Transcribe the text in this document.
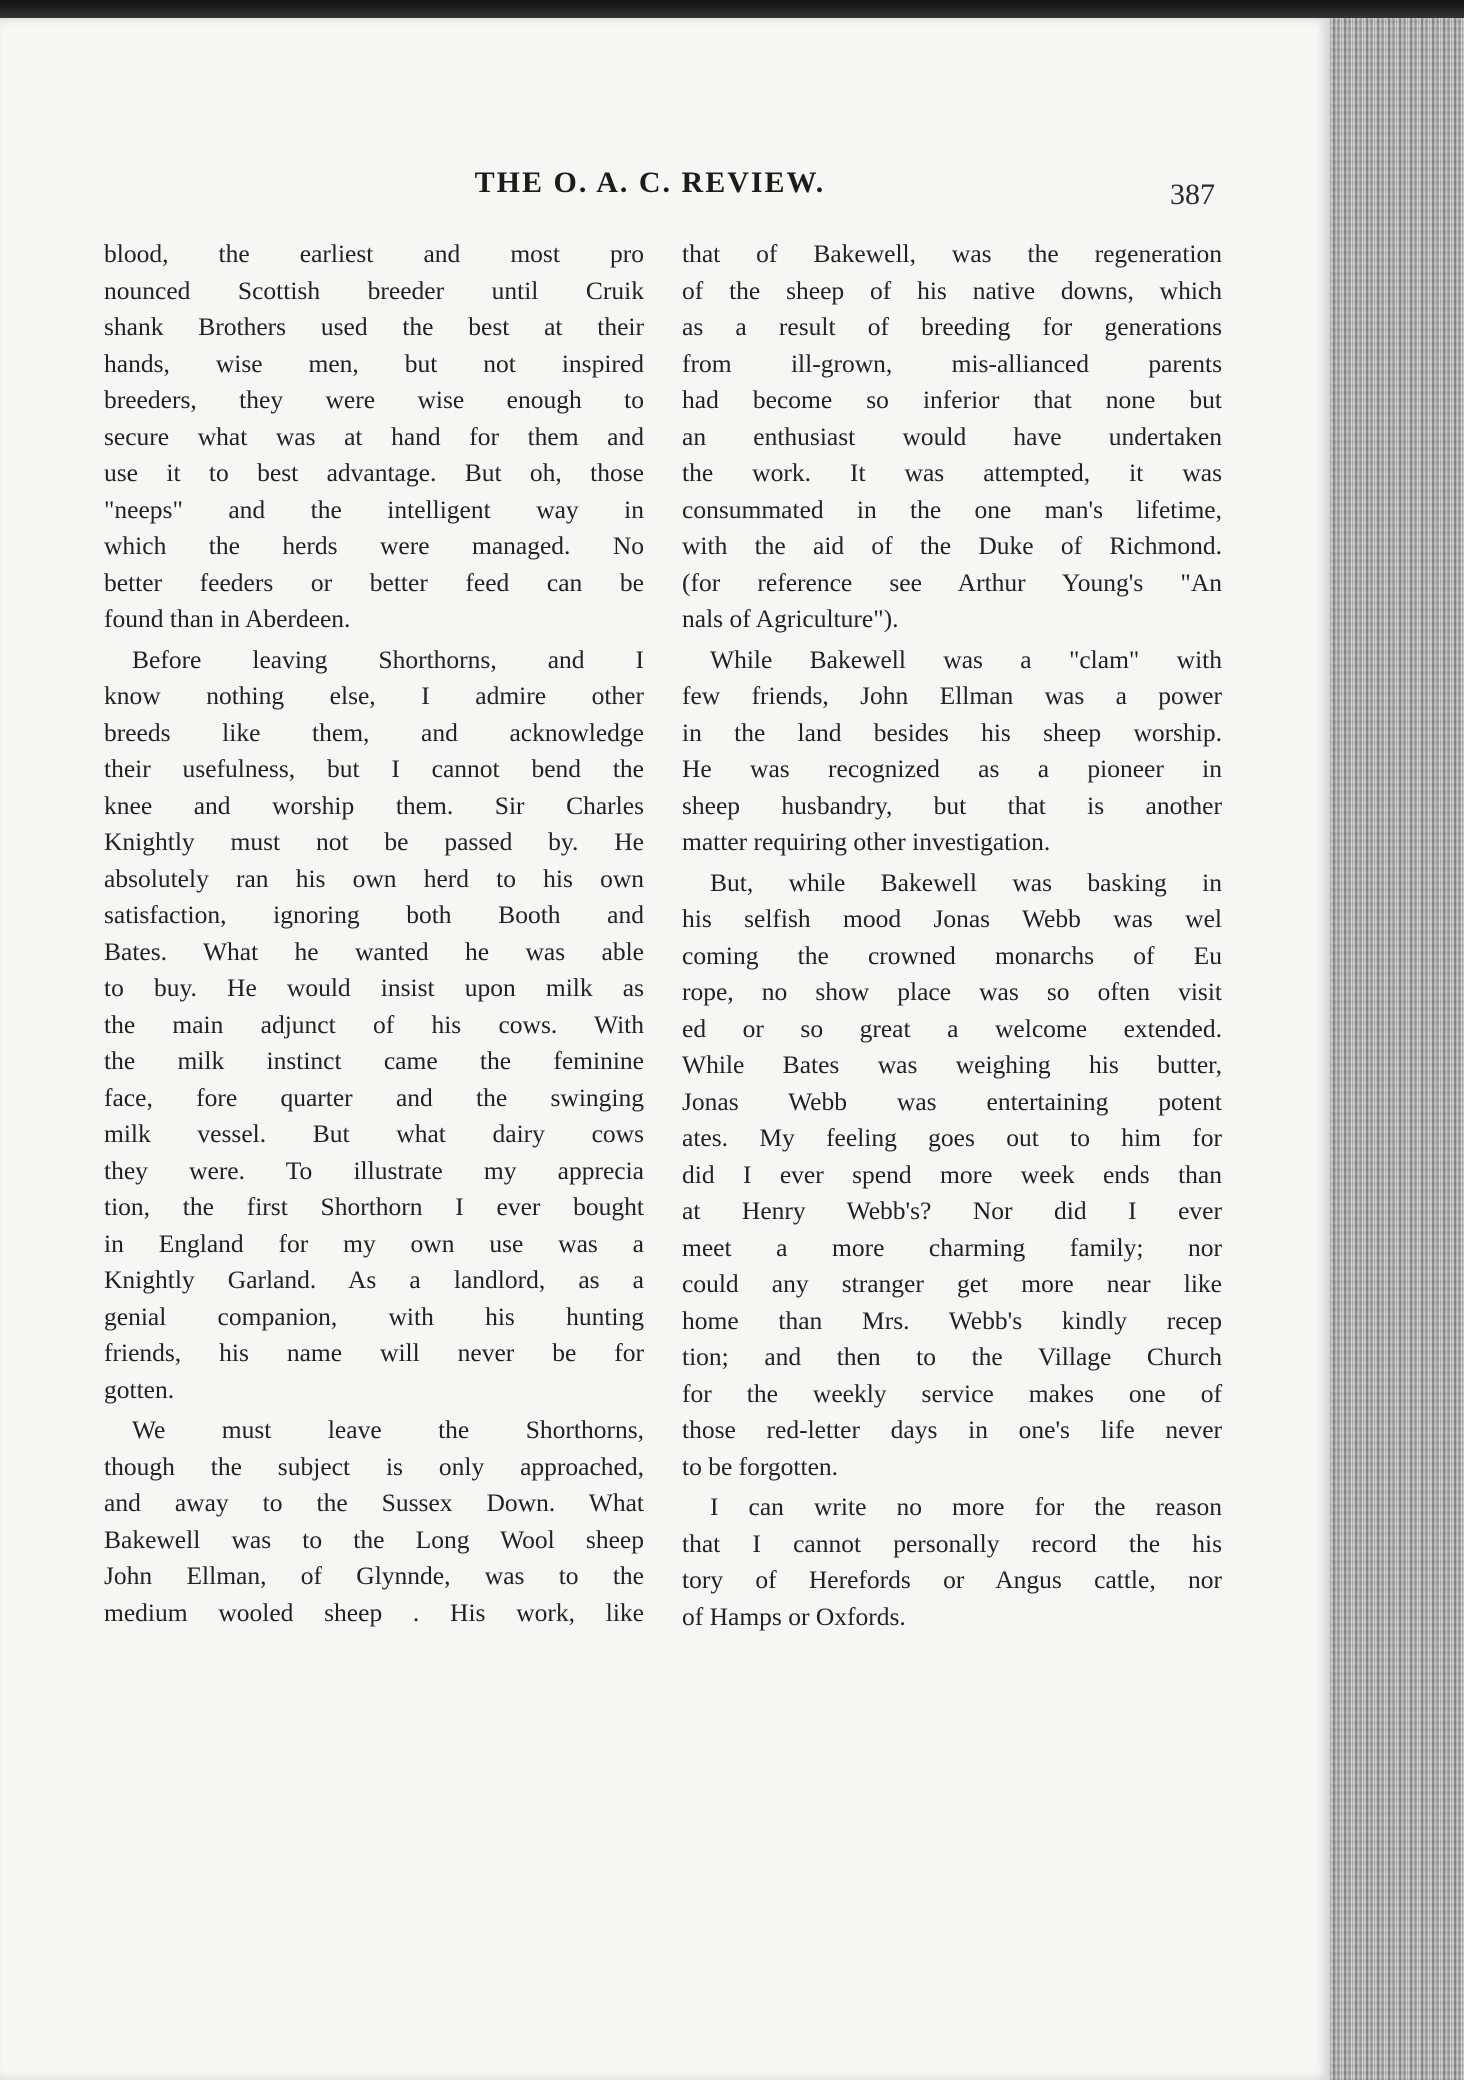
THE O. A. C. REVIEW.	387
blood, the earliest and most pro
nounced Scottish breeder until Cruik
shank Brothers used the best at their
hands, wise men, but not inspired
breeders, they were wise enough to
secure what was at hand for them and
use it to best advantage. But oh, those
"neeps" and the intelligent way in
which the herds were managed. No
better feeders or better feed can be
found than in Aberdeen.
Before leaving Shorthorns, and I
know nothing else, I admire other
breeds like them, and acknowledge
their usefulness, but I cannot bend the
knee and worship them. Sir Charles
Knightly must not be passed by. He
absolutely ran his own herd to his own
satisfaction, ignoring both Booth and
Bates. What he wanted he was able
to buy. He would insist upon milk as
the main adjunct of his cows. With
the milk instinct came the feminine
face, fore quarter and the swinging
milk vessel. But what dairy cows
they were. To illustrate my apprecia
tion, the first Shorthorn I ever bought
in England for my own use was a
Knightly Garland. As a landlord, as a
genial companion, with his hunting
friends, his name will never be for
gotten.
We must leave the Shorthorns,
though the subject is only approached,
and away to the Sussex Down. What
Bakewell was to the Long Wool sheep
John Ellman, of Glynnde, was to the
medium wooled sheep . His work, like
that of Bakewell, was the regeneration
of the sheep of his native downs, which
as a result of breeding for generations
from ill-grown, mis-allianced parents
had become so inferior that none but
an enthusiast would have undertaken
the work. It was attempted, it was
consummated in the one man's lifetime,
with the aid of the Duke of Richmond.
(for reference see Arthur Young's "An
nals of Agriculture").
While Bakewell was a "clam" with
few friends, John Ellman was a power
in the land besides his sheep worship.
He was recognized as a pioneer in
sheep husbandry, but that is another
matter requiring other investigation.
But, while Bakewell was basking in
his selfish mood Jonas Webb was wel
coming the crowned monarchs of Eu
rope, no show place was so often visit
ed or so great a welcome extended.
While Bates was weighing his butter,
Jonas Webb was entertaining potent
ates. My feeling goes out to him for
did I ever spend more week ends than
at Henry Webb's? Nor did I ever
meet a more charming family; nor
could any stranger get more near like
home than Mrs. Webb's kindly recep
tion; and then to the Village Church
for the weekly service makes one of
those red-letter days in one's life never
to be forgotten.
I can write no more for the reason
that I cannot personally record the his
tory of Herefords or Angus cattle, nor
of Hamps or Oxfords.
